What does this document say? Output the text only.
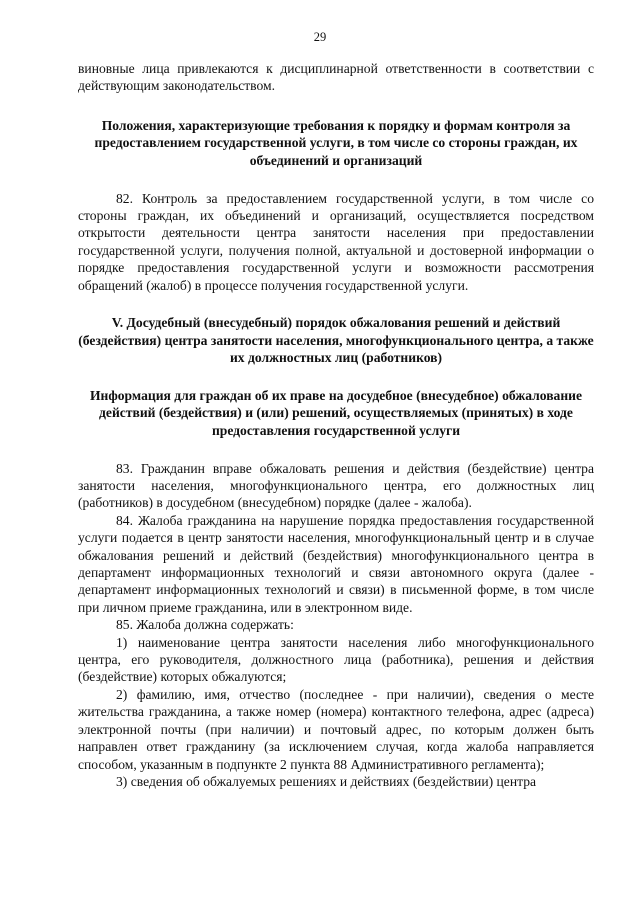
29

виновные лица привлекаются к дисциплинарной ответственности в соответствии с действующим законодательством.

Положения, характеризующие требования к порядку и формам контроля за предоставлением государственной услуги, в том числе со стороны граждан, их объединений и организаций

82. Контроль за предоставлением государственной услуги, в том числе со стороны граждан, их объединений и организаций, осуществляется посредством открытости деятельности центра занятости населения при предоставлении государственной услуги, получения полной, актуальной и достоверной информации о порядке предоставления государственной услуги и возможности рассмотрения обращений (жалоб) в процессе получения государственной услуги.

V. Досудебный (внесудебный) порядок обжалования решений и действий (бездействия) центра занятости населения, многофункционального центра, а также их должностных лиц (работников)

Информация для граждан об их праве на досудебное (внесудебное) обжалование действий (бездействия) и (или) решений, осуществляемых (принятых) в ходе предоставления государственной услуги

83. Гражданин вправе обжаловать решения и действия (бездействие) центра занятости населения, многофункционального центра, его должностных лиц (работников) в досудебном (внесудебном) порядке (далее - жалоба).

84. Жалоба гражданина на нарушение порядка предоставления государственной услуги подается в центр занятости населения, многофункциональный центр и в случае обжалования решений и действий (бездействия) многофункционального центра в департамент информационных технологий и связи автономного округа (далее - департамент информационных технологий и связи) в письменной форме, в том числе при личном приеме гражданина, или в электронном виде.

85. Жалоба должна содержать:

1) наименование центра занятости населения либо многофункционального центра, его руководителя, должностного лица (работника), решения и действия (бездействие) которых обжалуются;

2) фамилию, имя, отчество (последнее - при наличии), сведения о месте жительства гражданина, а также номер (номера) контактного телефона, адрес (адреса) электронной почты (при наличии) и почтовый адрес, по которым должен быть направлен ответ гражданину (за исключением случая, когда жалоба направляется способом, указанным в подпункте 2 пункта 88 Административного регламента);

3) сведения об обжалуемых решениях и действиях (бездействии) центра
